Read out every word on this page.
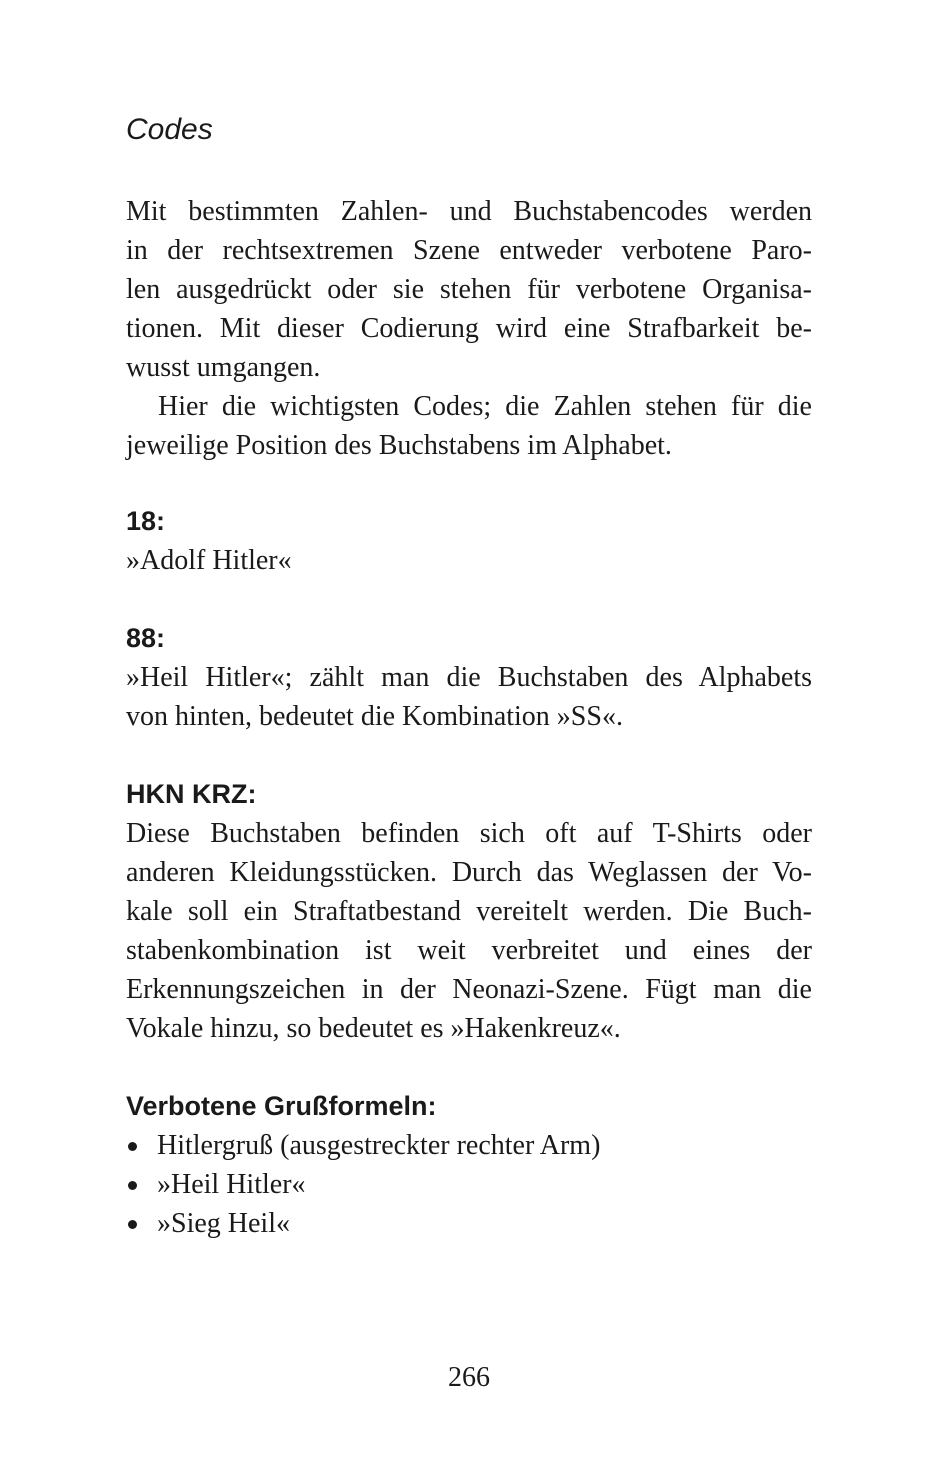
Codes

Mit bestimmten Zahlen- und Buchstabencodes werden
in der rechtsextremen Szene entweder verbotene Paro-
len ausgedrückt oder sie stehen für verbotene Organisa-
tionen. Mit dieser Codierung wird eine Strafbarkeit be-
wusst umgangen.

Hier die wichtigsten Codes; die Zahlen stehen für die

jeweilige Position des Buchstabens im Alphabet.

18:

»Adolf Hitler«

88:

»Heil Hitler«; zählt man die Buchstaben des Alphabets
von hinten, bedeutet die Kombination »SS«.

HKN KRZ:

Diese Buchstaben befinden sich oft auf T-Shirts oder
anderen Kleidungsstücken. Durch das Weglassen der Vo-
kale soll ein Straftatbestand vereitelt werden. Die Buch-
stabenkombination ist weit verbreitet und eines der
Erkennungszeichen in der Neonazi-Szene. Fügt man die
Vokale hinzu, so bedeutet es »Hakenkreuz«.

Verbotene Grußformeln:
Hitlergruß (ausgestreckter rechter Arm)
»Heil Hitler«
»Sieg Heil«

266
